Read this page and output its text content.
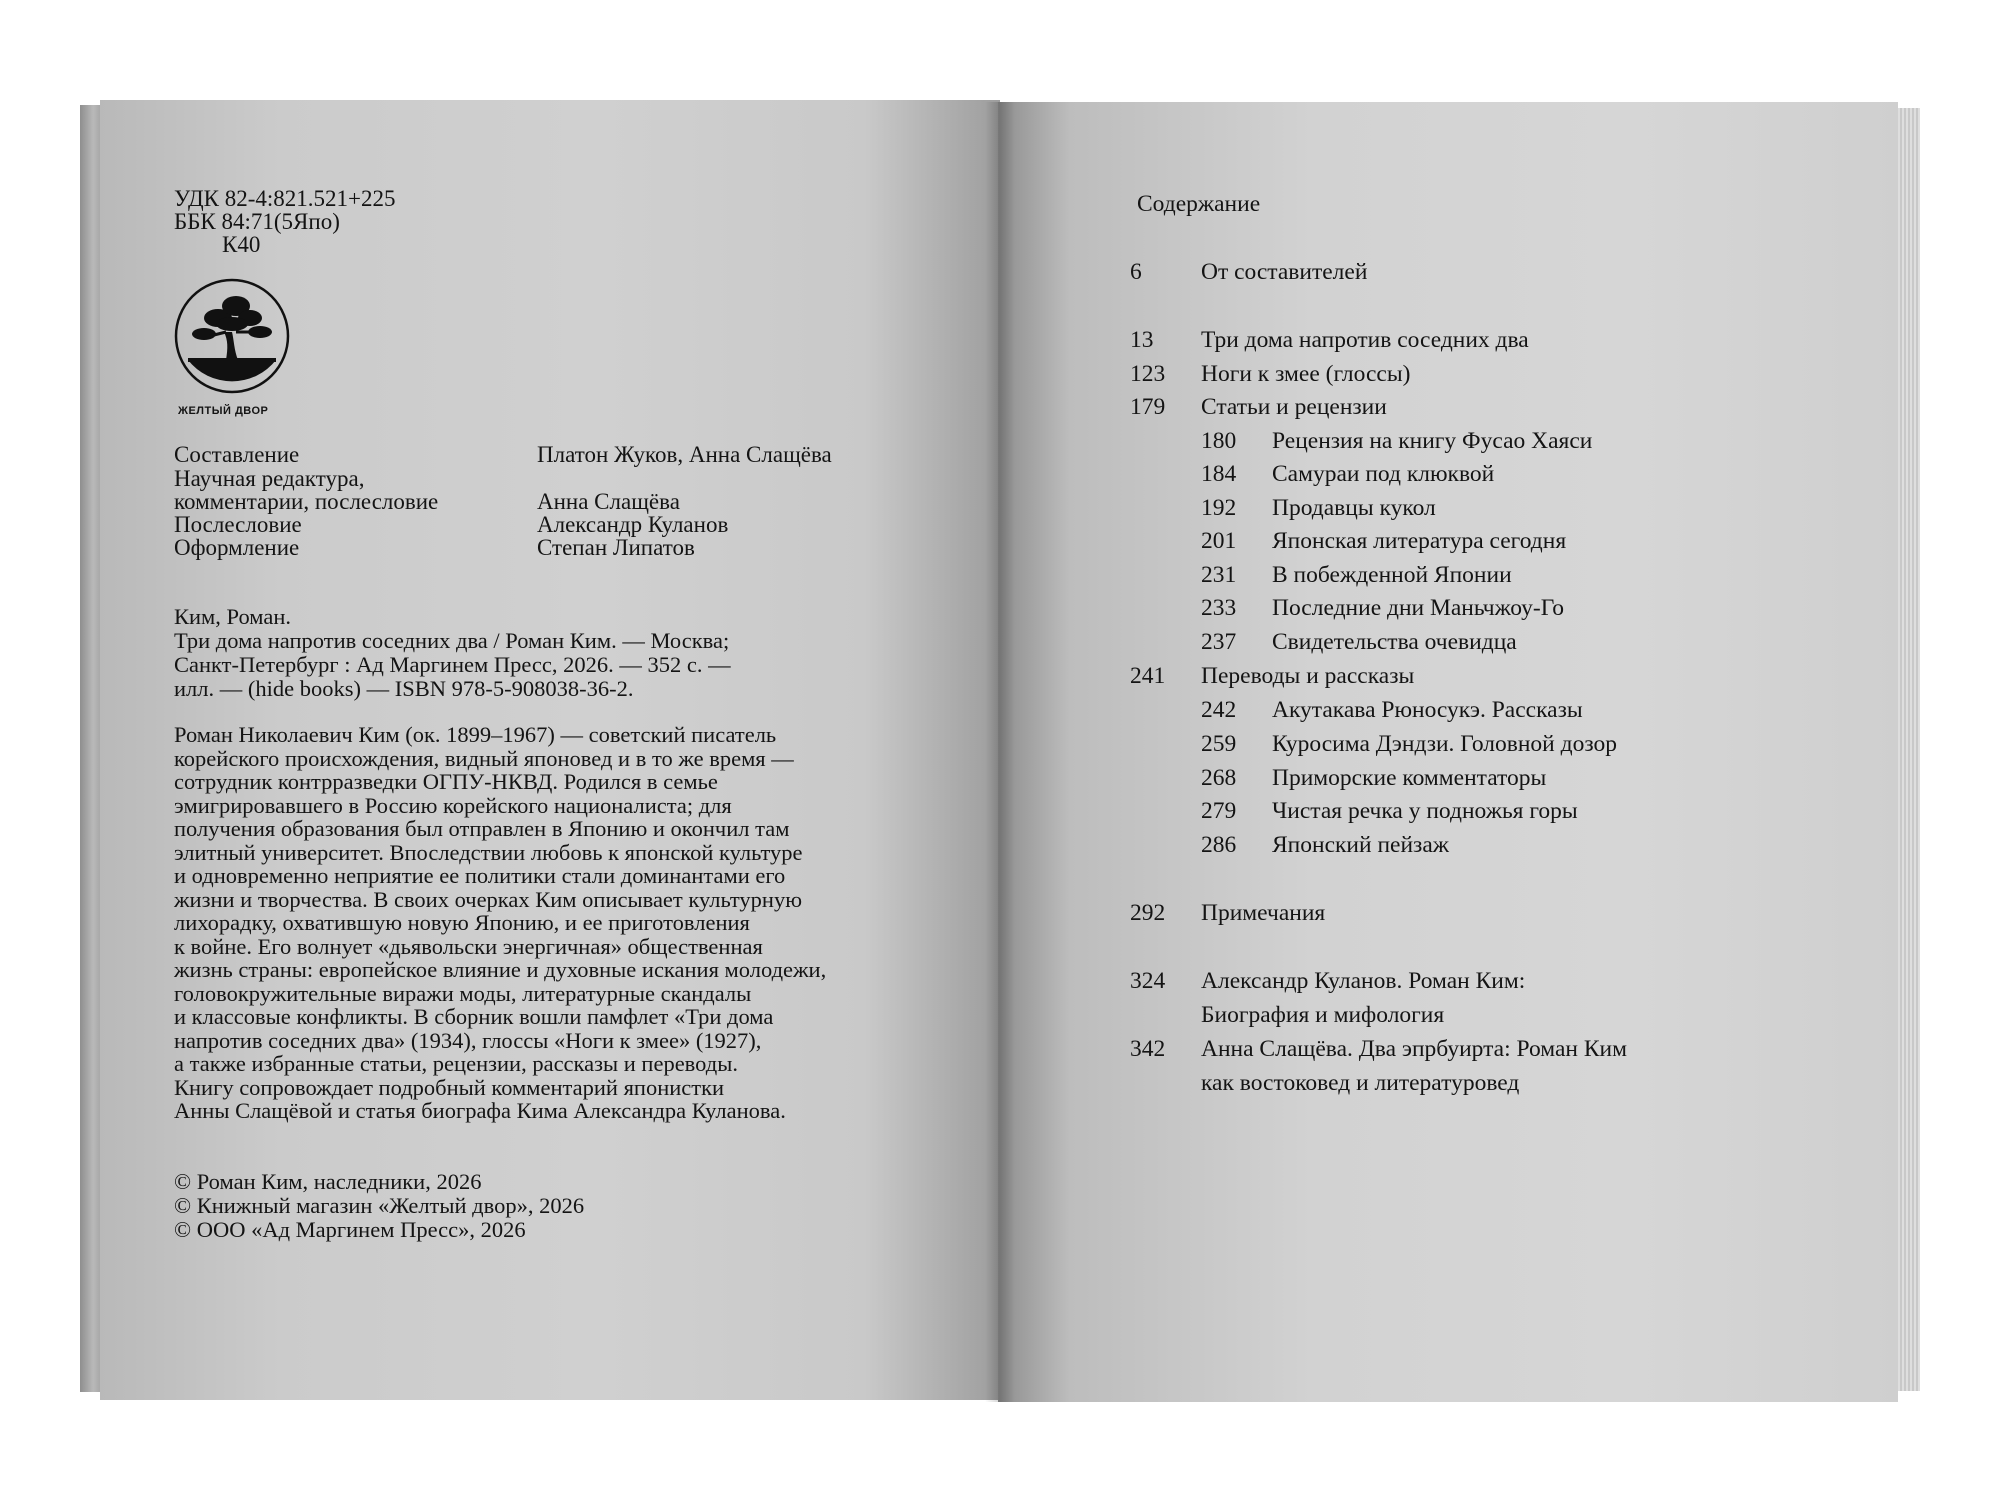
УДК 82-4:821.521+225
ББК 84:71(5Япо)
К40
ЖЕЛТЫЙ ДВОР
Составление	Платон Жуков, Анна Слащёва
Научная редактура,
комментарии, послесловие	Анна Слащёва
Послесловие	Александр Куланов
Оформление	Степан Липатов
Ким, Роман.
Три дома напротив соседних два / Роман Ким. — Москва;
Санкт-Петербург : Ад Маргинем Пресс, 2026. — 352 с. —
илл. — (hide books) — ISBN 978-5-908038-36-2.
Роман Николаевич Ким (ок. 1899–1967) — советский писатель
корейского происхождения, видный японовед и в то же время —
сотрудник контрразведки ОГПУ-НКВД. Родился в семье
эмигрировавшего в Россию корейского националиста; для
получения образования был отправлен в Японию и окончил там
элитный университет. Впоследствии любовь к японской культуре
и одновременно неприятие ее политики стали доминантами его
жизни и творчества. В своих очерках Ким описывает культурную
лихорадку, охватившую новую Японию, и ее приготовления
к войне. Его волнует «дьявольски энергичная» общественная
жизнь страны: европейское влияние и духовные искания молодежи,
головокружительные виражи моды, литературные скандалы
и классовые конфликты. В сборник вошли памфлет «Три дома
напротив соседних два» (1934), глоссы «Ноги к змее» (1927),
а также избранные статьи, рецензии, рассказы и переводы.
Книгу сопровождает подробный комментарий японистки
Анны Слащёвой и статья биографа Кима Александра Куланова.
© Роман Ким, наследники, 2026
© Книжный магазин «Желтый двор», 2026
© ООО «Ад Маргинем Пресс», 2026
Содержание
6	От составителей
13 Три дома напротив соседних два
123 Ноги к змее (глоссы)
179 Статьи и рецензии
180 Рецензия на книгу Фусао Хаяси
184 Самураи под клюквой
192 Продавцы кукол
201 Японская литература сегодня
231 В побежденной Японии
233 Последние дни Маньчжоу-Го
237 Свидетельства очевидца
241 Переводы и рассказы
242 Акутакава Рюносукэ. Рассказы
259 Куросима Дэндзи. Головной дозор
268 Приморские комментаторы
279 Чистая речка у подножья горы
286 Японский пейзаж
292 Примечания
324 Александр Куланов. Роман Ким:
Биография и мифология
342 Анна Слащёва. Два эпрбуирта: Роман Ким
как востоковед и литературовед
